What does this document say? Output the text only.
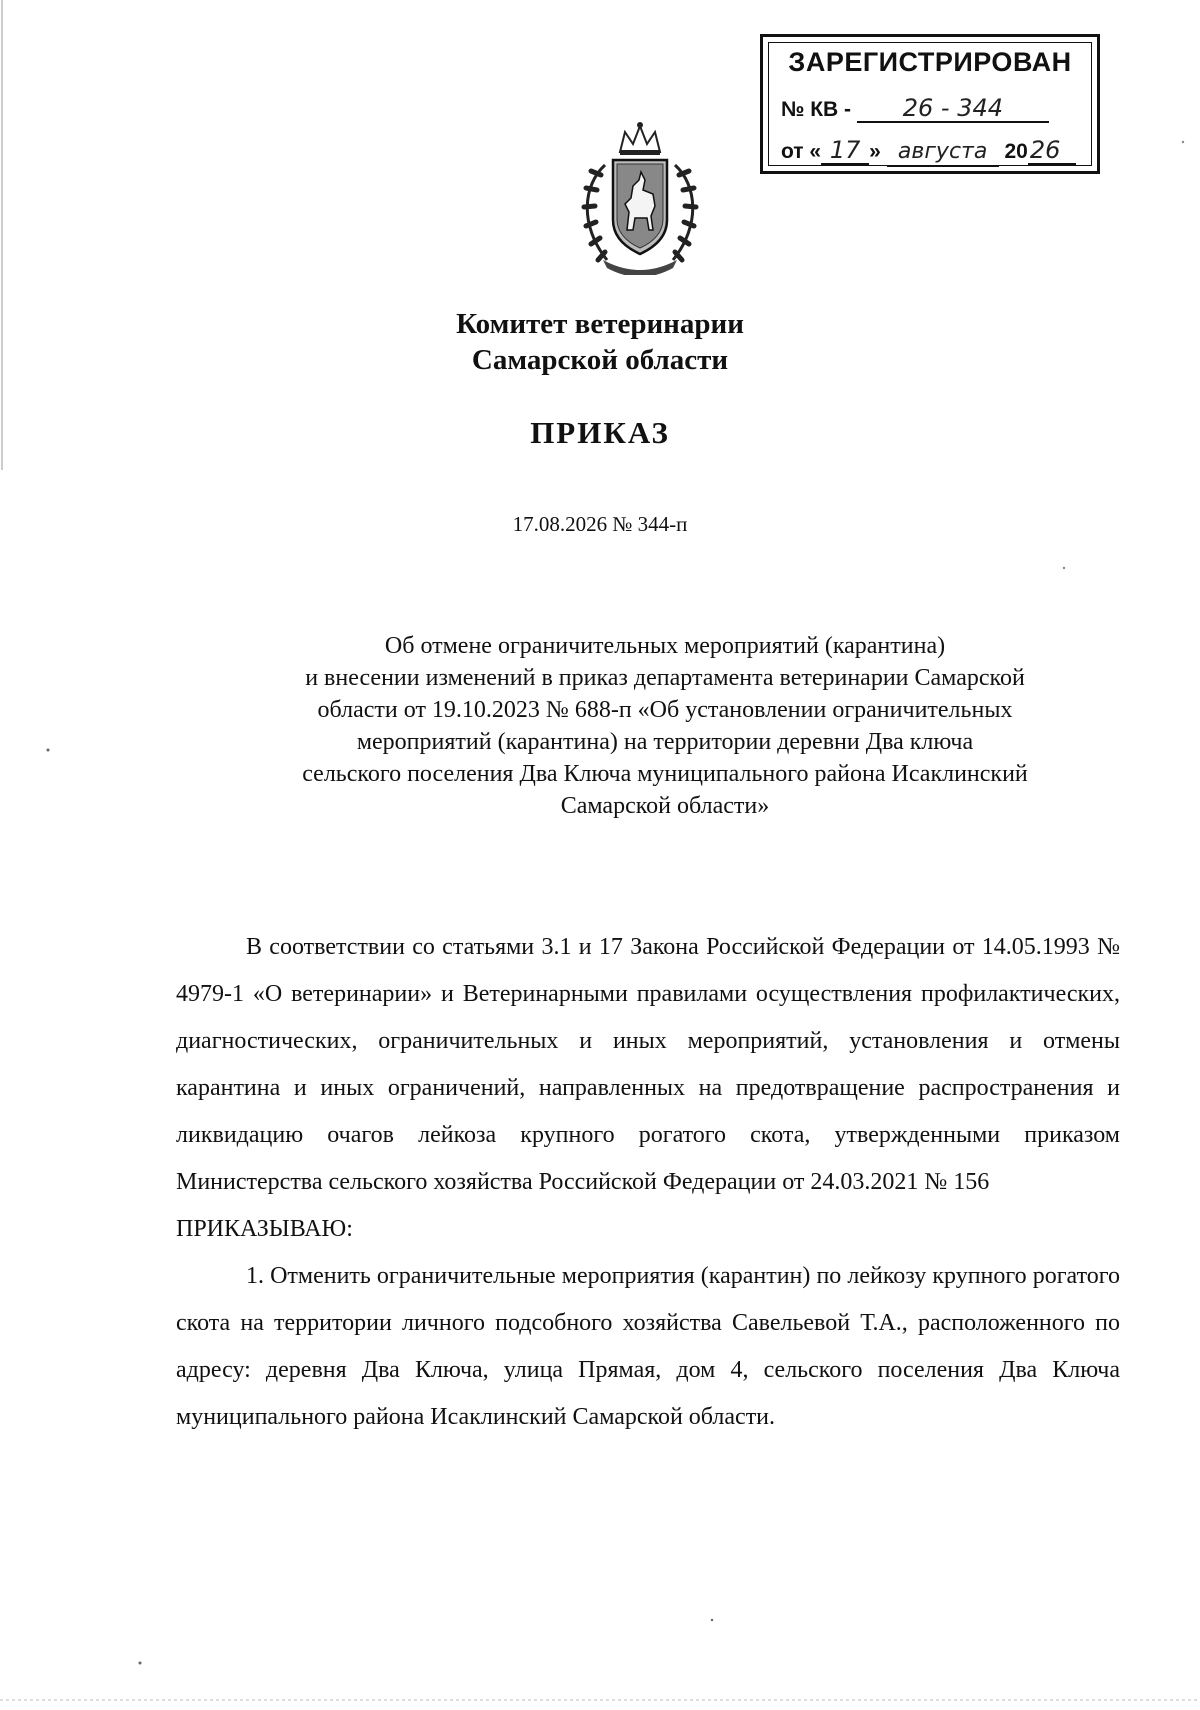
ЗАРЕГИСТРИРОВАН
№ КВ - 26 - 344
от « 17 » августа 2026
Комитет ветеринарии
Самарской области
ПРИКАЗ
17.08.2026 № 344-п
Об отмене ограничительных мероприятий (карантина)
и внесении изменений в приказ департамента ветеринарии Самарской
области от 19.10.2023 № 688-п «Об установлении ограничительных
мероприятий (карантина) на территории деревни Два ключа
сельского поселения Два Ключа муниципального района Исаклинский
Самарской области»

В соответствии со статьями 3.1 и 17 Закона Российской Федерации от 14.05.1993 № 4979-1 «О ветеринарии» и Ветеринарными правилами осуществления профилактических, диагностических, ограничительных и иных мероприятий, установления и отмены карантина и иных ограничений, направленных на предотвращение распространения и ликвидацию очагов лейкоза крупного рогатого скота, утвержденными приказом Министерства сельского хозяйства Российской Федерации от 24.03.2021 № 156

ПРИКАЗЫВАЮ:

1. Отменить ограничительные мероприятия (карантин) по лейкозу крупного рогатого скота на территории личного подсобного хозяйства Савельевой Т.А., расположенного по адресу: деревня Два Ключа, улица Прямая, дом 4, сельского поселения Два Ключа муниципального района Исаклинский Самарской области.
